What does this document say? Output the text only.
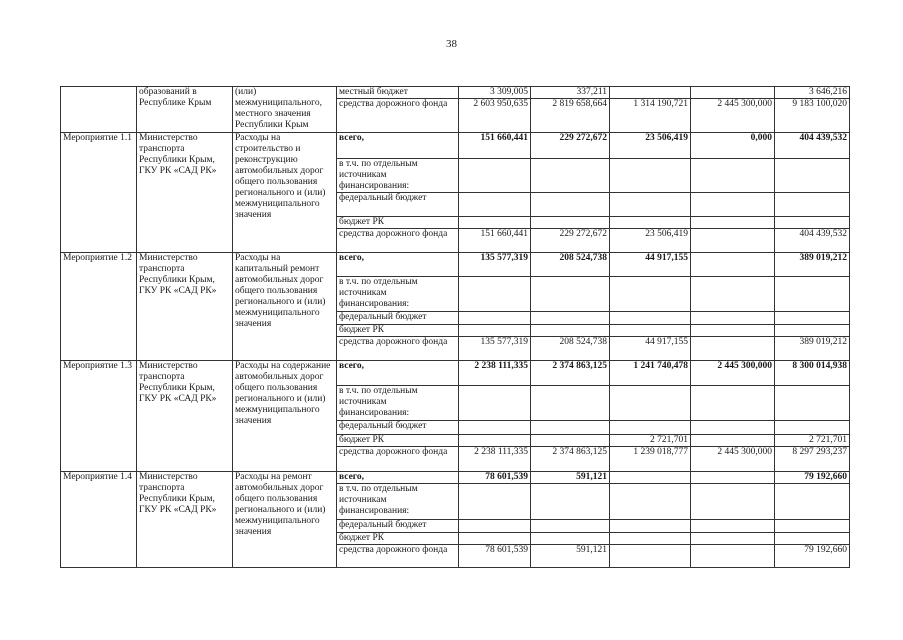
38
	образований в Республике Крым	(или) межмуниципального, местного значения Республики Крым	местный бюджет	3 309,005	337,211			3 646,216
			средства дорожного фонда	2 603 950,635	2 819 658,664	1 314 190,721	2 445 300,000	9 183 100,020
Мероприятие 1.1	Министерство транспорта Республики Крым, ГКУ РК «САД РК»	Расходы на строительство и реконструкцию автомобильных дорог общего пользования регионального и (или) межмуниципального значения	всего,	151 660,441	229 272,672	23 506,419	0,000	404 439,532
			в т.ч. по отдельным источникам финансирования:					
			федеральный бюджет					
			бюджет РК					
			средства дорожного фонда	151 660,441	229 272,672	23 506,419		404 439,532
Мероприятие 1.2	Министерство транспорта Республики Крым, ГКУ РК «САД РК»	Расходы на капитальный ремонт автомобильных дорог общего пользования регионального и (или) межмуниципального значения	всего,	135 577,319	208 524,738	44 917,155		389 019,212
			в т.ч. по отдельным источникам финансирования:					
			федеральный бюджет					
			бюджет РК					
			средства дорожного фонда	135 577,319	208 524,738	44 917,155		389 019,212
Мероприятие 1.3	Министерство транспорта Республики Крым, ГКУ РК «САД РК»	Расходы на содержание автомобильных дорог общего пользования регионального и (или) межмуниципального значения	всего,	2 238 111,335	2 374 863,125	1 241 740,478	2 445 300,000	8 300 014,938
			в т.ч. по отдельным источникам финансирования:					
			федеральный бюджет					
			бюджет РК			2 721,701		2 721,701
			средства дорожного фонда	2 238 111,335	2 374 863,125	1 239 018,777	2 445 300,000	8 297 293,237
Мероприятие 1.4	Министерство транспорта Республики Крым, ГКУ РК «САД РК»	Расходы на ремонт автомобильных дорог общего пользования регионального и (или) межмуниципального значения	всего,	78 601,539	591,121			79 192,660
			в т.ч. по отдельным источникам финансирования:					
			федеральный бюджет					
			бюджет РК					
			средства дорожного фонда	78 601,539	591,121			79 192,660
